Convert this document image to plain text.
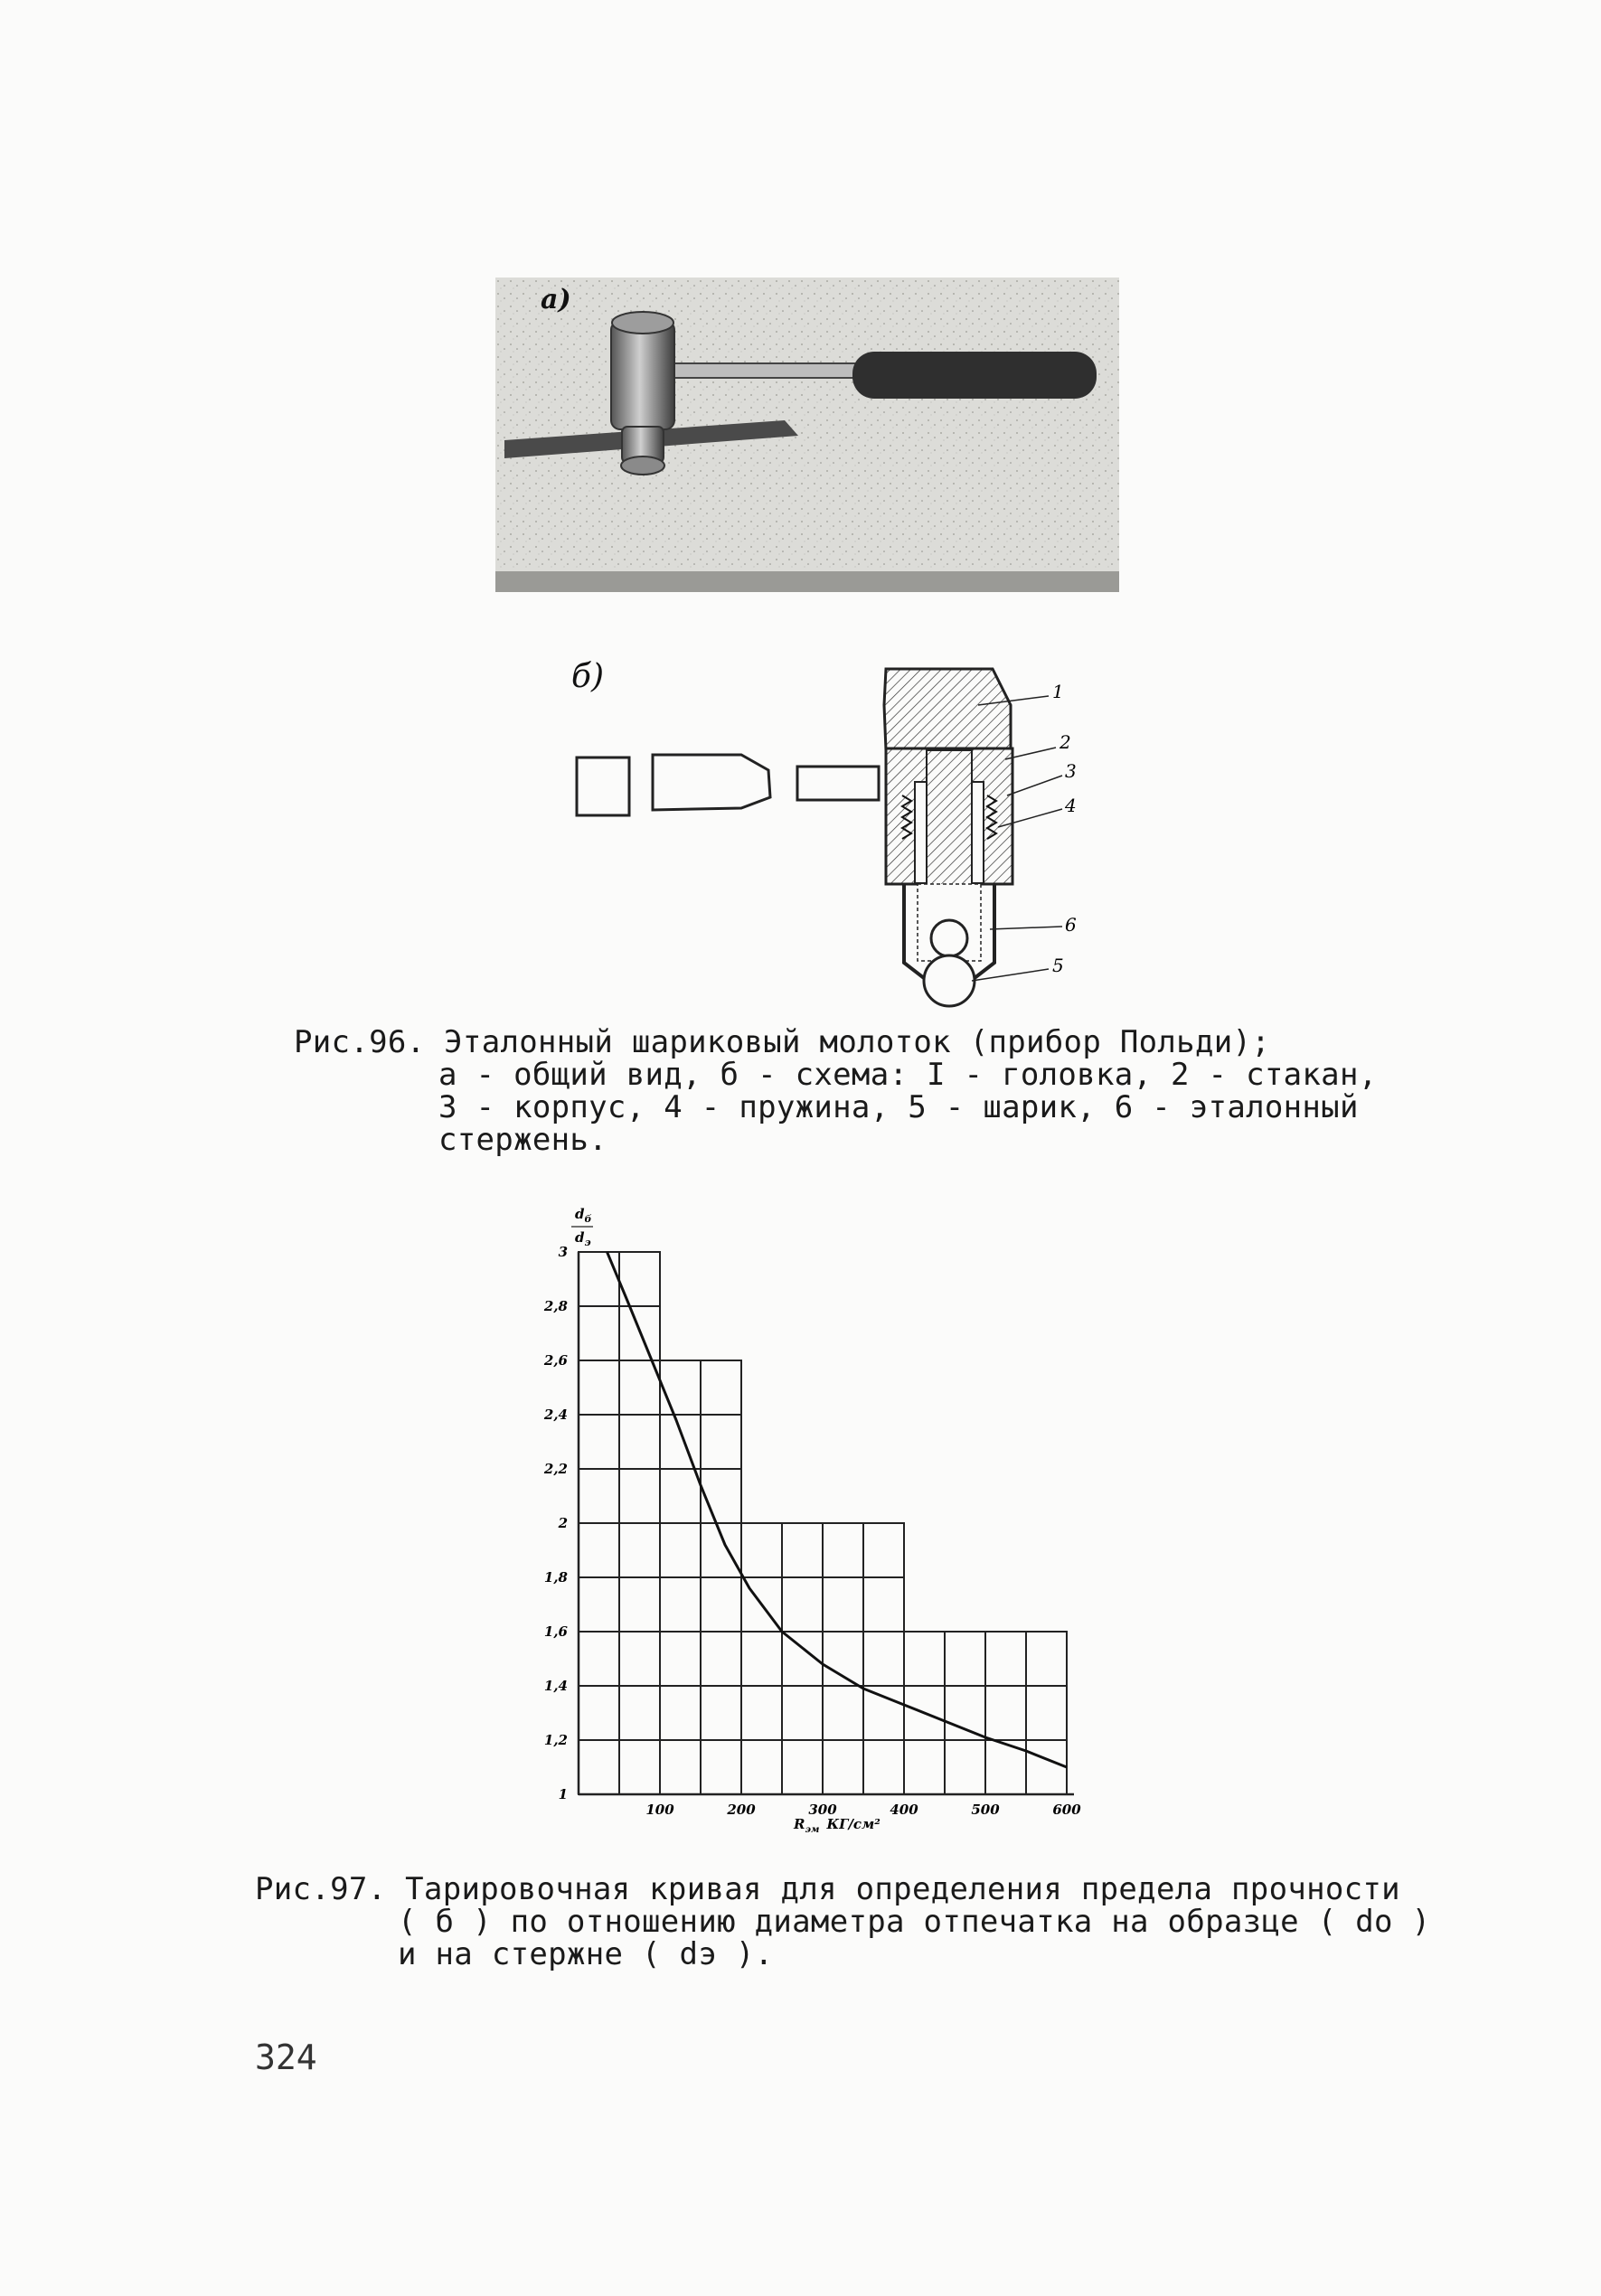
а)
1
2
3
4
6
5
б)
Рис.96. Эталонный шариковый молоток (прибор Польди);
а - общий вид, б - схема: I - головка, 2 - стакан,
3 - корпус, 4 - пружина, 5 - шарик, 6 - эталонный
стержень.
1
1,2
1,4
1,6
1,8
2
2,2
2,4
2,6
2,8
3
100	200	300	400	500	600
$d_б$
$d_э$
$R_{эм}$ КГ/см²
Рис.97. Тарировочная кривая для определения предела прочности
( б ) по отношению диаметра отпечатка на образце ( dо )
и на стержне ( dэ ).
324
